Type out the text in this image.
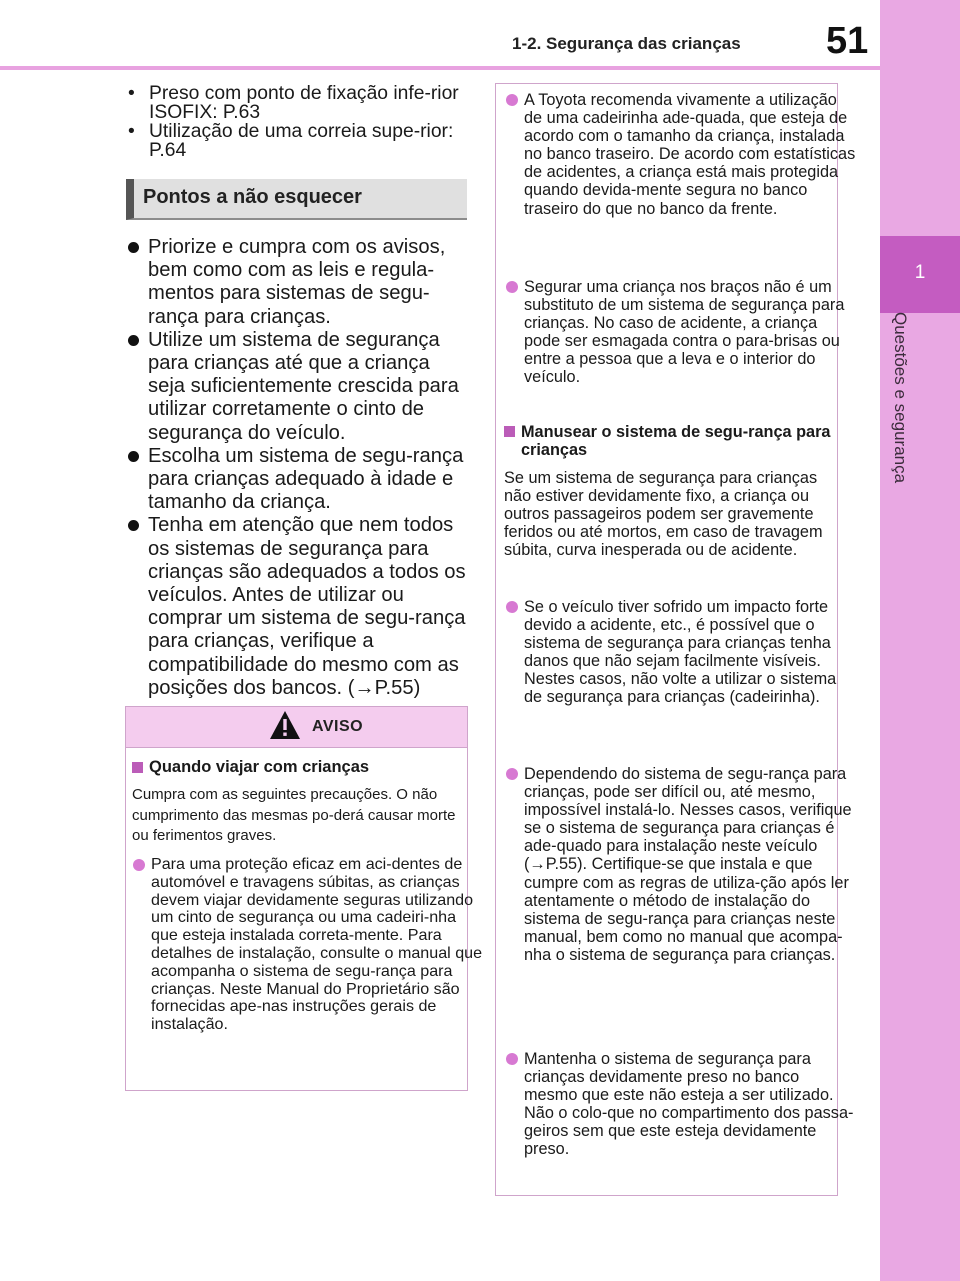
1-2. Segurança das crianças 51
1
Questões e segurança
• Preso com ponto de fixação infe-rior ISOFIX: P.63
• Utilização de uma correia supe-rior: P.64
Pontos a não esquecer
Priorize e cumpra com os avisos, bem como com as leis e regula-mentos para sistemas de segu-rança para crianças.
Utilize um sistema de segurança para crianças até que a criança seja suficientemente crescida para utilizar corretamente o cinto de segurança do veículo.
Escolha um sistema de segu-rança para crianças adequado à idade e tamanho da criança.
Tenha em atenção que nem todos os sistemas de segurança para crianças são adequados a todos os veículos. Antes de utilizar ou comprar um sistema de segu-rança para crianças, verifique a compatibilidade do mesmo com as posições dos bancos. (→P.55)
AVISO
Quando viajar com crianças
Cumpra com as seguintes precauções. O não cumprimento das mesmas po-derá causar morte ou ferimentos graves.
Para uma proteção eficaz em aci-dentes de automóvel e travagens súbitas, as crianças devem viajar devidamente seguras utilizando um cinto de segurança ou uma cadeiri-nha que esteja instalada correta-mente. Para detalhes de instalação, consulte o manual que acompanha o sistema de segu-rança para crianças. Neste Manual do Proprietário são fornecidas ape-nas instruções gerais de instalação.
A Toyota recomenda vivamente a utilização de uma cadeirinha ade-quada, que esteja de acordo com o tamanho da criança, instalada no banco traseiro. De acordo com estatísticas de acidentes, a criança está mais protegida quando devida-mente segura no banco traseiro do que no banco da frente.
Segurar uma criança nos braços não é um substituto de um sistema de segurança para crianças. No caso de acidente, a criança pode ser esmagada contra o para-brisas ou entre a pessoa que a leva e o interior do veículo.
Manusear o sistema de segu-rança para crianças
Se um sistema de segurança para crianças não estiver devidamente fixo, a criança ou outros passageiros podem ser gravemente feridos ou até mortos, em caso de travagem súbita, curva inesperada ou de acidente.
Se o veículo tiver sofrido um impacto forte devido a acidente, etc., é possível que o sistema de segurança para crianças tenha danos que não sejam facilmente visíveis. Nestes casos, não volte a utilizar o sistema de segurança para crianças (cadeirinha).
Dependendo do sistema de segu-rança para crianças, pode ser difícil ou, até mesmo, impossível instalá-lo. Nesses casos, verifique se o sistema de segurança para crianças é ade-quado para instalação neste veículo (→P.55). Certifique-se que instala e que cumpre com as regras de utiliza-ção após ler atentamente o método de instalação do sistema de segu-rança para crianças neste manual, bem como no manual que acompa-nha o sistema de segurança para crianças.
Mantenha o sistema de segurança para crianças devidamente preso no banco mesmo que este não esteja a ser utilizado. Não o colo-que no compartimento dos passa-geiros sem que este esteja devidamente preso.
